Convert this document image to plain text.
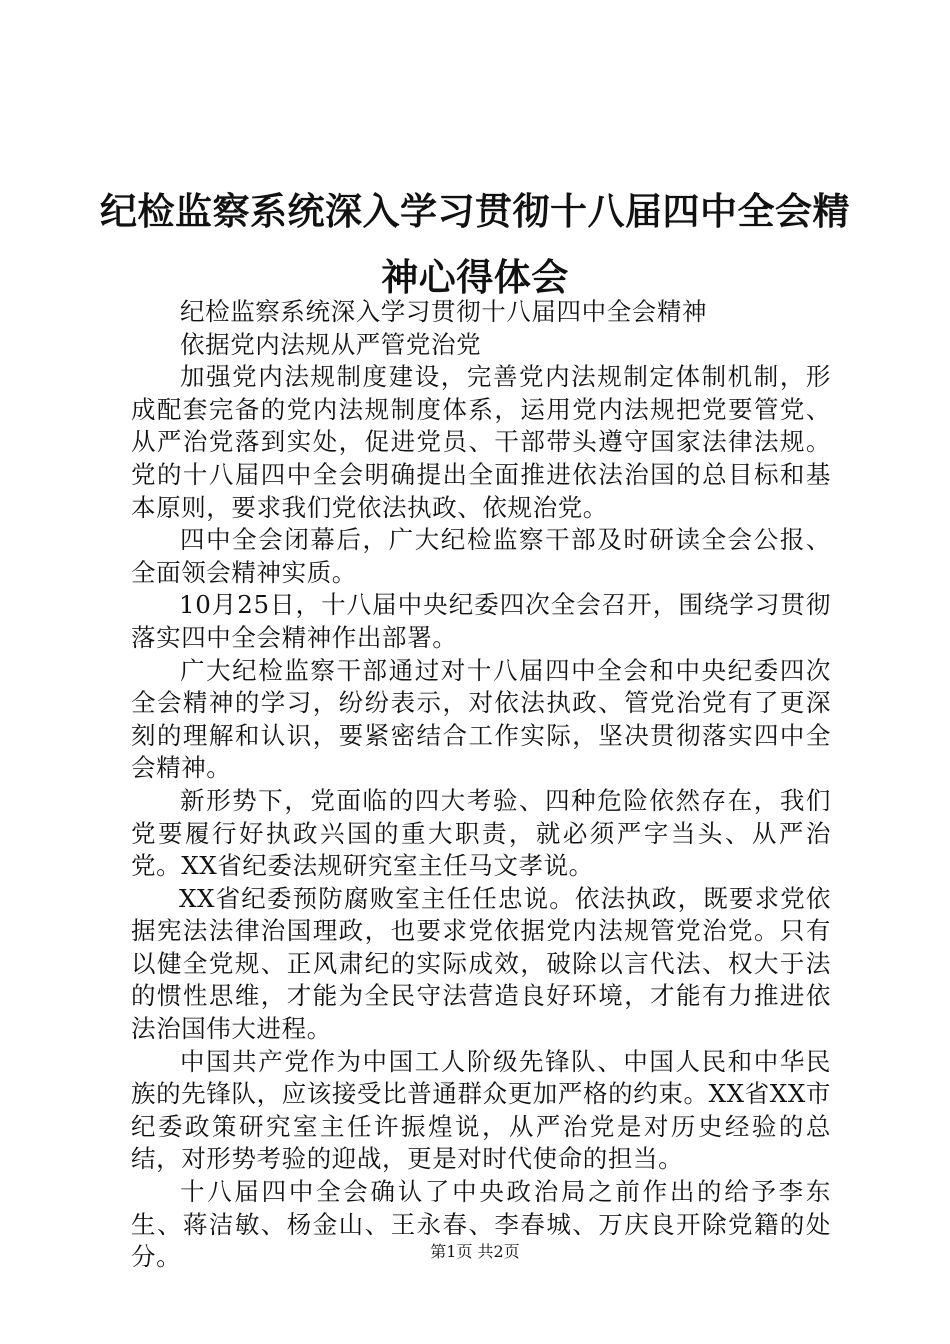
纪检监察系统深入学习贯彻十八届四中全会精神心得体会

纪检监察系统深入学习贯彻十八届四中全会精神

依据党内法规从严管党治党

加强党内法规制度建设，完善党内法规制定体制机制，形成配套完备的党内法规制度体系，运用党内法规把党要管党、从严治党落到实处，促进党员、干部带头遵守国家法律法规。党的十八届四中全会明确提出全面推进依法治国的总目标和基本原则，要求我们党依法执政、依规治党。

四中全会闭幕后，广大纪检监察干部及时研读全会公报、全面领会精神实质。

10月25日，十八届中央纪委四次全会召开，围绕学习贯彻落实四中全会精神作出部署。

广大纪检监察干部通过对十八届四中全会和中央纪委四次全会精神的学习，纷纷表示，对依法执政、管党治党有了更深刻的理解和认识，要紧密结合工作实际，坚决贯彻落实四中全会精神。

新形势下，党面临的四大考验、四种危险依然存在，我们党要履行好执政兴国的重大职责，就必须严字当头、从严治党。XX省纪委法规研究室主任马文孝说。

XX省纪委预防腐败室主任任忠说。依法执政，既要求党依据宪法法律治国理政，也要求党依据党内法规管党治党。只有以健全党规、正风肃纪的实际成效，破除以言代法、权大于法的惯性思维，才能为全民守法营造良好环境，才能有力推进依法治国伟大进程。

中国共产党作为中国工人阶级先锋队、中国人民和中华民族的先锋队，应该接受比普通群众更加严格的约束。XX省XX市纪委政策研究室主任许振煌说，从严治党是对历史经验的总结，对形势考验的迎战，更是对时代使命的担当。

十八届四中全会确认了中央政治局之前作出的给予李东生、蒋洁敏、杨金山、王永春、李春城、万庆良开除党籍的处分。	第1页 共2页
